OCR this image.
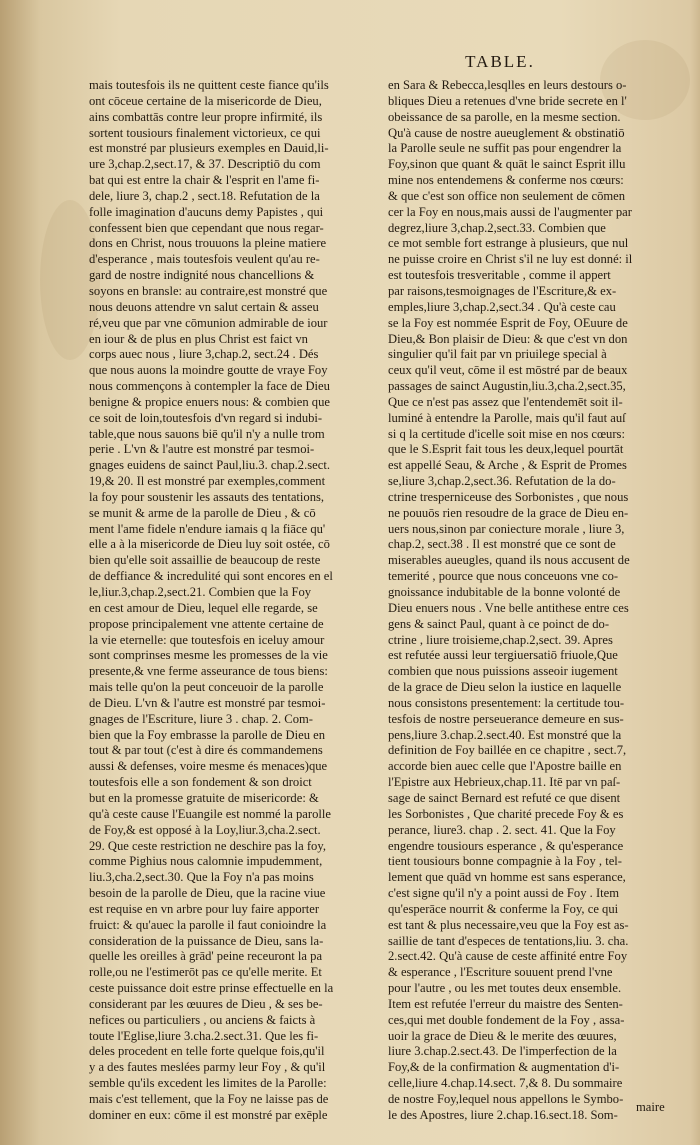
TABLE.
mais toutesfois ils ne quittent ceste fiance qu'ils
ont cōceue certaine de la misericorde de Dieu,
ains combattās contre leur propre infirmité, ils
sortent tousiours finalement victorieux, ce qui
est monstré par plusieurs exemples en Dauid,li-
ure 3,chap.2,sect.17, & 37. Descriptiō du com
bat qui est entre la chair & l'esprit en l'ame fi-
dele, liure 3, chap.2 , sect.18. Refutation de la
folle imagination d'aucuns demy Papistes , qui
confessent bien que cependant que nous regar-
dons en Christ, nous trouuons la pleine matiere
d'esperance , mais toutesfois veulent qu'au re-
gard de nostre indignité nous chancellions &
soyons en bransle: au contraire,est monstré que
nous deuons attendre vn salut certain & asseu
ré,veu que par vne cōmunion admirable de iour
en iour & de plus en plus Christ est faict vn
corps auec nous , liure 3,chap.2, sect.24 . Dés
que nous auons la moindre goutte de vraye Foy
nous commençons à contempler la face de Dieu
benigne & propice enuers nous: & combien que
ce soit de loin,toutesfois d'vn regard si indubi-
table,que nous sauons biē qu'il n'y a nulle trom
perie . L'vn & l'autre est monstré par tesmoi-
gnages euidens de sainct Paul,liu.3. chap.2.sect.
19,& 20. Il est monstré par exemples,comment
la foy pour soustenir les assauts des tentations,
se munit & arme de la parolle de Dieu , & cō
ment l'ame fidele n'endure iamais q la fiāce qu'
elle a à la misericorde de Dieu luy soit ostée, cō
bien qu'elle soit assaillie de beaucoup de reste
de deffiance & incredulité qui sont encores en el
le,liur.3,chap.2,sect.21. Combien que la Foy
en cest amour de Dieu, lequel elle regarde, se
propose principalement vne attente certaine de
la vie eternelle: que toutesfois en iceluy amour
sont comprinses mesme les promesses de la vie
presente,& vne ferme asseurance de tous biens:
mais telle qu'on la peut conceuoir de la parolle
de Dieu. L'vn & l'autre est monstré par tesmoi-
gnages de l'Escriture, liure 3 . chap. 2. Com-
bien que la Foy embrasse la parolle de Dieu en
tout & par tout (c'est à dire és commandemens
aussi & defenses, voire mesme és menaces)que
toutesfois elle a son fondement & son droict
but en la promesse gratuite de misericorde: &
qu'à ceste cause l'Euangile est nommé la parolle
de Foy,& est opposé à la Loy,liur.3,cha.2.sect.
29. Que ceste restriction ne deschire pas la foy,
comme Pighius nous calomnie impudemment,
liu.3,cha.2,sect.30. Que la Foy n'a pas moins
besoin de la parolle de Dieu, que la racine viue
est requise en vn arbre pour luy faire apporter
fruict: & qu'auec la parolle il faut conioindre la
consideration de la puissance de Dieu, sans la-
quelle les oreilles à grād' peine receuront la pa
rolle,ou ne l'estimerōt pas ce qu'elle merite. Et
ceste puissance doit estre prinse effectuelle en la
considerant par les œuures de Dieu , & ses be-
nefices ou particuliers , ou anciens & faicts à
toute l'Eglise,liure 3.cha.2.sect.31. Que les fi-
deles procedent en telle forte quelque fois,qu'il
y a des fautes meslées parmy leur Foy , & qu'il
semble qu'ils excedent les limites de la Parolle:
mais c'est tellement, que la Foy ne laisse pas de
dominer en eux: cōme il est monstré par exēple
en Sara & Rebecca,lesqlles en leurs destours o-
bliques Dieu a retenues d'vne bride secrete en l'
obeissance de sa parolle, en la mesme section.
Qu'à cause de nostre aueuglement & obstinatiō
la Parolle seule ne suffit pas pour engendrer la
Foy,sinon que quant & quāt le sainct Esprit illu
mine nos entendemens & conferme nos cœurs:
& que c'est son office non seulement de cōmen
cer la Foy en nous,mais aussi de l'augmenter par
degrez,liure 3,chap.2,sect.33. Combien que
ce mot semble fort estrange à plusieurs, que nul
ne puisse croire en Christ s'il ne luy est donné: il
est toutesfois tresveritable , comme il appert
par raisons,tesmoignages de l'Escriture,& ex-
emples,liure 3,chap.2,sect.34 . Qu'à ceste cau
se la Foy est nommée Esprit de Foy, OEuure de
Dieu,& Bon plaisir de Dieu: & que c'est vn don
singulier qu'il fait par vn priuilege special à
ceux qu'il veut, cōme il est mōstré par de beaux
passages de sainct Augustin,liu.3,cha.2,sect.35,
Que ce n'est pas assez que l'entendemēt soit il-
luminé à entendre la Parolle, mais qu'il faut auſ
si q la certitude d'icelle soit mise en nos cœurs:
que le S.Esprit fait tous les deux,lequel pourtāt
est appellé Seau, & Arche , & Esprit de Promes
se,liure 3,chap.2,sect.36. Refutation de la do-
ctrine tresperniceuse des Sorbonistes , que nous
ne pouuōs rien resoudre de la grace de Dieu en-
uers nous,sinon par coniecture morale , liure 3,
chap.2, sect.38 . Il est monstré que ce sont de
miserables aueugles, quand ils nous accusent de
temerité , pource que nous conceuons vne co-
gnoissance indubitable de la bonne volonté de
Dieu enuers nous . Vne belle antithese entre ces
gens & sainct Paul, quant à ce poinct de do-
ctrine , liure troisieme,chap.2,sect. 39. Apres
est refutée aussi leur tergiuersatiō friuole,Que
combien que nous puissions asseoir iugement
de la grace de Dieu selon la iustice en laquelle
nous consistons presentement: la certitude tou-
tesfois de nostre perseuerance demeure en sus-
pens,liure 3.chap.2.sect.40. Est monstré que la
definition de Foy baillée en ce chapitre , sect.7,
accorde bien auec celle que l'Apostre baille en
l'Epistre aux Hebrieux,chap.11. Itē par vn paſ-
sage de sainct Bernard est refuté ce que disent
les Sorbonistes , Que charité precede Foy & es
perance, liure3. chap . 2. sect. 41. Que la Foy
engendre tousiours esperance , & qu'esperance
tient tousiours bonne compagnie à la Foy , tel-
lement que quād vn homme est sans esperance,
c'est signe qu'il n'y a point aussi de Foy . Item
qu'esperāce nourrit & conferme la Foy, ce qui
est tant & plus necessaire,veu que la Foy est as-
saillie de tant d'especes de tentations,liu. 3. cha.
2.sect.42. Qu'à cause de ceste affinité entre Foy
& esperance , l'Escriture souuent prend l'vne
pour l'autre , ou les met toutes deux ensemble.
Item est refutée l'erreur du maistre des Senten-
ces,qui met double fondement de la Foy , assa-
uoir la grace de Dieu & le merite des œuures,
liure 3.chap.2.sect.43. De l'imperfection de la
Foy,& de la confirmation & augmentation d'i-
celle,liure 4.chap.14.sect. 7,& 8. Du sommaire
de nostre Foy,lequel nous appellons le Symbo-
le des Apostres, liure 2.chap.16.sect.18. Som-
maire
